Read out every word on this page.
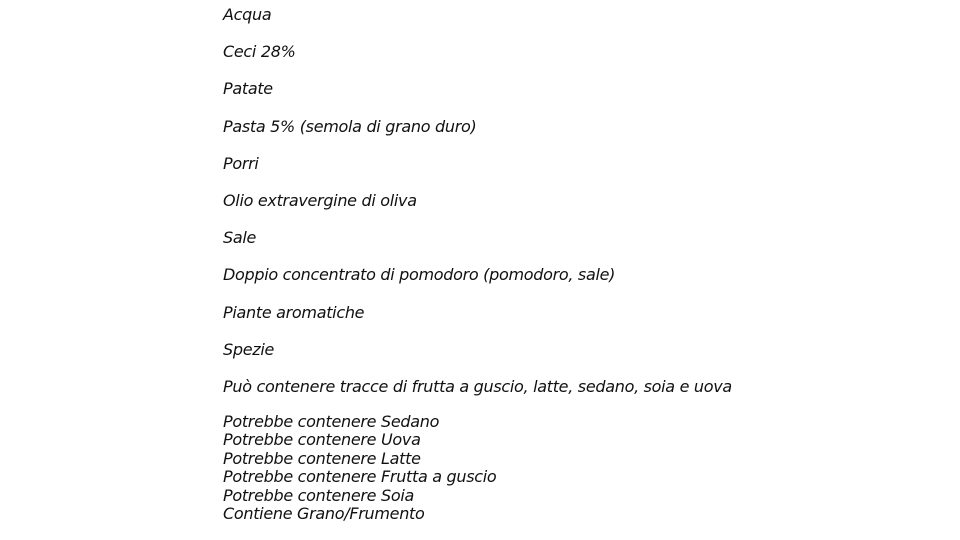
Acqua
Ceci 28%
Patate
Pasta 5% (semola di grano duro)
Porri
Olio extravergine di oliva
Sale
Doppio concentrato di pomodoro (pomodoro, sale)
Piante aromatiche
Spezie
Può contenere tracce di frutta a guscio, latte, sedano, soia e uova
Potrebbe contenere Sedano
Potrebbe contenere Uova
Potrebbe contenere Latte
Potrebbe contenere Frutta a guscio
Potrebbe contenere Soia
Contiene Grano/Frumento
